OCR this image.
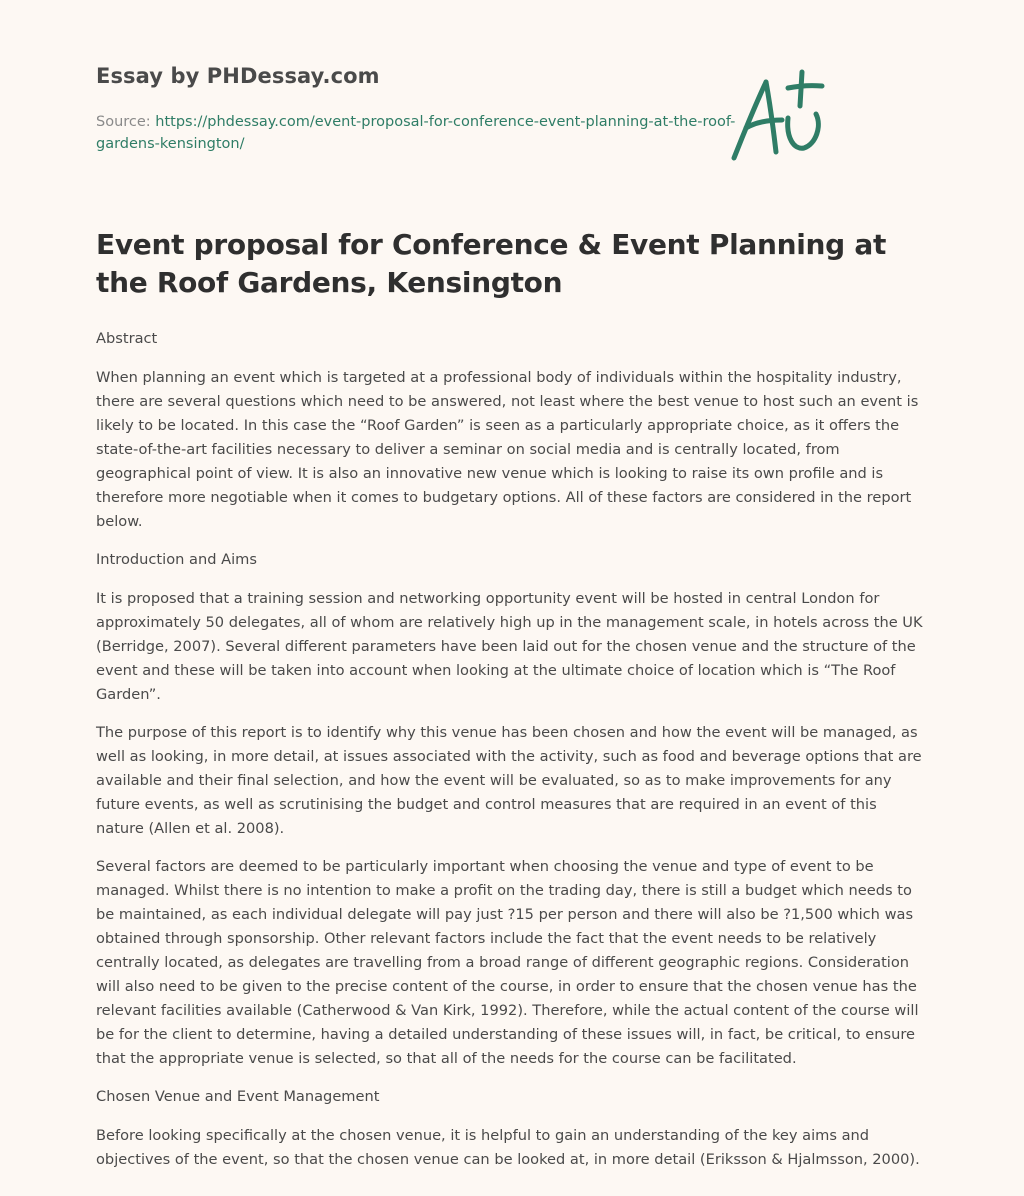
Essay by PHDessay.com
Source: https://phdessay.com/event-proposal-for-conference-event-planning-at-the-roof-gardens-kensington/
Event proposal for Conference & Event Planning at the Roof Gardens, Kensington

Abstract

When planning an event which is targeted at a professional body of individuals within the hospitality industry, there are several questions which need to be answered, not least where the best venue to host such an event is likely to be located. In this case the “Roof Garden” is seen as a particularly appropriate choice, as it offers the state-of-the-art facilities necessary to deliver a seminar on social media and is centrally located, from geographical point of view. It is also an innovative new venue which is looking to raise its own profile and is therefore more negotiable when it comes to budgetary options. All of these factors are considered in the report below.

Introduction and Aims

It is proposed that a training session and networking opportunity event will be hosted in central London for approximately 50 delegates, all of whom are relatively high up in the management scale, in hotels across the UK (Berridge, 2007). Several different parameters have been laid out for the chosen venue and the structure of the event and these will be taken into account when looking at the ultimate choice of location which is “The Roof Garden”.

The purpose of this report is to identify why this venue has been chosen and how the event will be managed, as well as looking, in more detail, at issues associated with the activity, such as food and beverage options that are available and their final selection, and how the event will be evaluated, so as to make improvements for any future events, as well as scrutinising the budget and control measures that are required in an event of this nature (Allen et al. 2008).

Several factors are deemed to be particularly important when choosing the venue and type of event to be managed. Whilst there is no intention to make a profit on the trading day, there is still a budget which needs to be maintained, as each individual delegate will pay just ?15 per person and there will also be ?1,500 which was obtained through sponsorship. Other relevant factors include the fact that the event needs to be relatively centrally located, as delegates are travelling from a broad range of different geographic regions. Consideration will also need to be given to the precise content of the course, in order to ensure that the chosen venue has the relevant facilities available (Catherwood & Van Kirk, 1992). Therefore, while the actual content of the course will be for the client to determine, having a detailed understanding of these issues will, in fact, be critical, to ensure that the appropriate venue is selected, so that all of the needs for the course can be facilitated.

Chosen Venue and Event Management

Before looking specifically at the chosen venue, it is helpful to gain an understanding of the key aims and objectives of the event, so that the chosen venue can be looked at, in more detail (Eriksson & Hjalmsson, 2000).
